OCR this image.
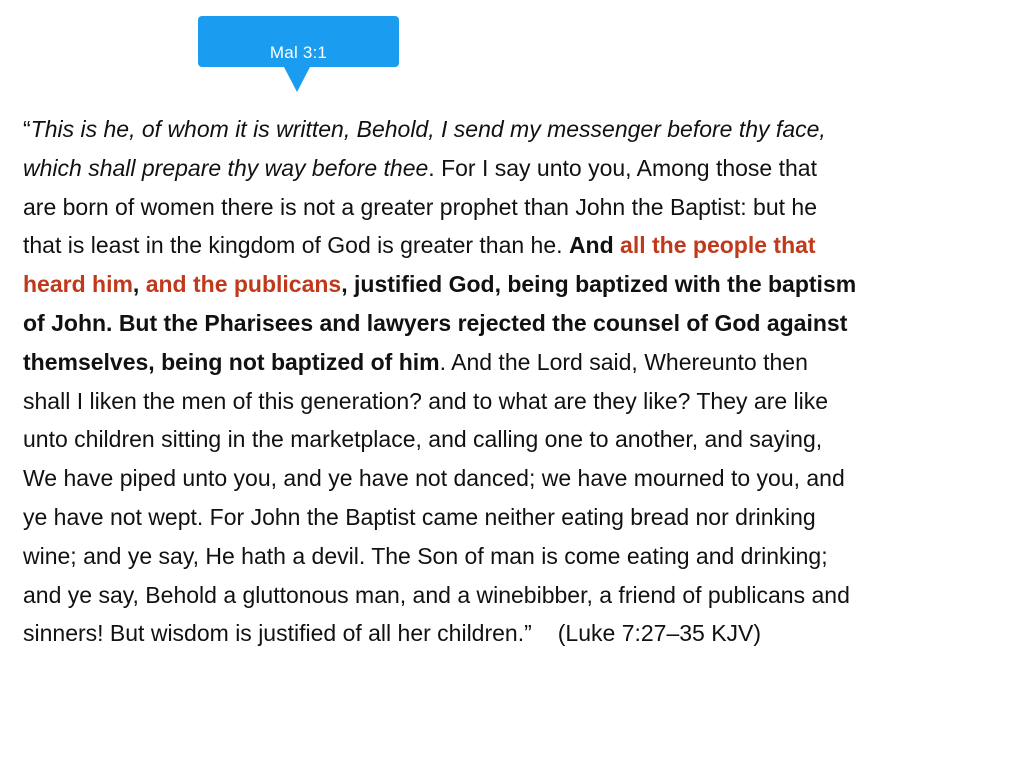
Mal 3:1

“This is he, of whom it is written, Behold, I send my messenger before thy face,
which shall prepare thy way before thee. For I say unto you, Among those that
are born of women there is not a greater prophet than John the Baptist: but he
that is least in the kingdom of God is greater than he. And all the people that
heard him, and the publicans, justified God, being baptized with the baptism
of John. But the Pharisees and lawyers rejected the counsel of God against
themselves, being not baptized of him. And the Lord said, Whereunto then
shall I liken the men of this generation? and to what are they like? They are like
unto children sitting in the marketplace, and calling one to another, and saying,
We have piped unto you, and ye have not danced; we have mourned to you, and
ye have not wept. For John the Baptist came neither eating bread nor drinking
wine; and ye say, He hath a devil. The Son of man is come eating and drinking;
and ye say, Behold a gluttonous man, and a winebibber, a friend of publicans and
sinners! But wisdom is justified of all her children.” (Luke 7:27–35 KJV)
